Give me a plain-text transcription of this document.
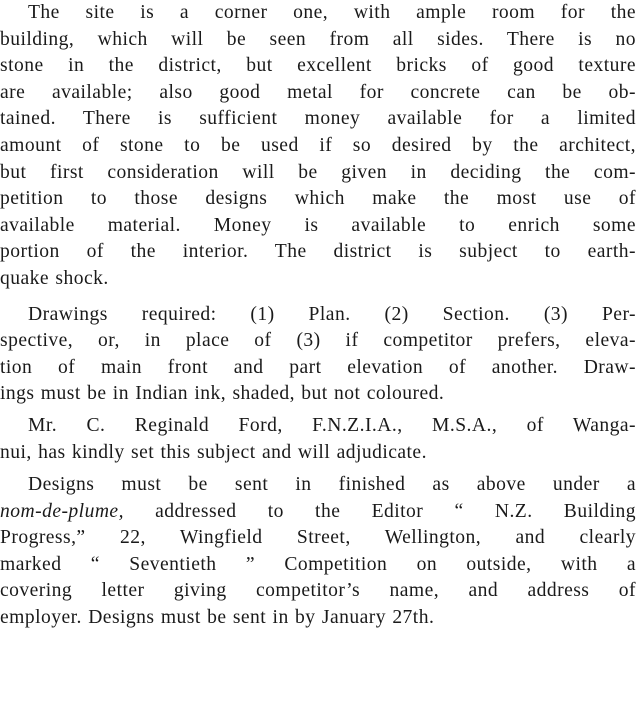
The site is a corner one, with ample room for the
building, which will be seen from all sides. There is no
stone in the district, but excellent bricks of good texture
are available; also good metal for concrete can be ob-
tained. There is sufficient money available for a limited
amount of stone to be used if so desired by the architect,
but first consideration will be given in deciding the com-
petition to those designs which make the most use of
available material. Money is available to enrich some
portion of the interior. The district is subject to earth-
quake shock.
Drawings required: (1) Plan. (2) Section. (3) Per-
spective, or, in place of (3) if competitor prefers, eleva-
tion of main front and part elevation of another. Draw-
ings must be in Indian ink, shaded, but not coloured.
Mr. C. Reginald Ford, F.N.Z.I.A., M.S.A., of Wanga-
nui, has kindly set this subject and will adjudicate.
Designs must be sent in finished as above under a
nom-de-plume, addressed to the Editor “ N.Z. Building
Progress,” 22, Wingfield Street, Wellington, and clearly
marked “ Seventieth ” Competition on outside, with a
covering letter giving competitor’s name, and address of
employer. Designs must be sent in by January 27th.
